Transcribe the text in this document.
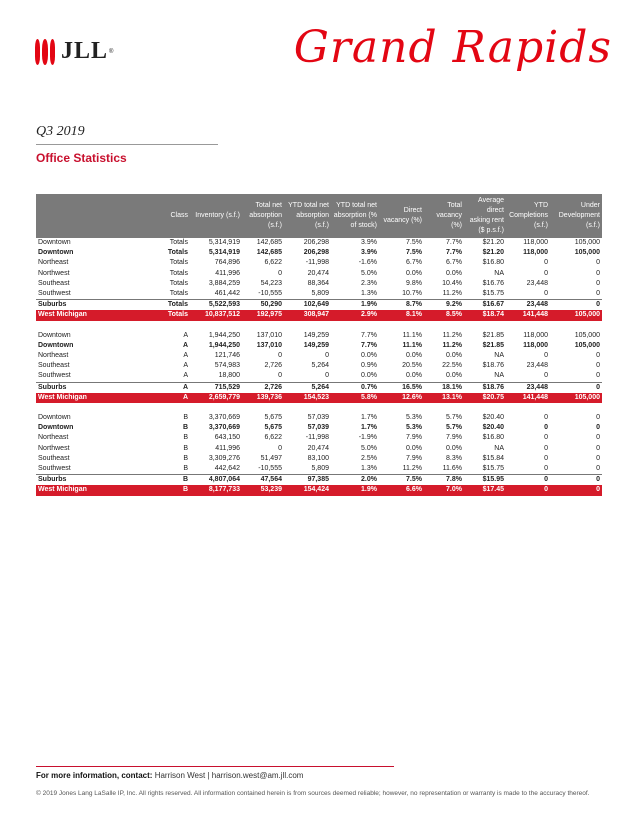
JLL ®	Grand Rapids
Q3 2019
Office Statistics
	Class	Inventory (s.f.)	Total net absorption (s.f.)	YTD total net absorption (s.f.)	YTD total net absorption (% of stock)	Direct vacancy (%)	Total vacancy (%)	Average direct asking rent ($ p.s.f.)	YTD Completions (s.f.)	Under Development (s.f.)
Downtown	Totals	5,314,919	142,685	206,298	3.9%	7.5%	7.7%	$21.20	118,000	105,000
Downtown	Totals	5,314,919	142,685	206,298	3.9%	7.5%	7.7%	$21.20	118,000	105,000
Northeast	Totals	764,896	6,622	-11,998	-1.6%	6.7%	6.7%	$16.80	0	0
Northwest	Totals	411,996	0	20,474	5.0%	0.0%	0.0%	NA	0	0
Southeast	Totals	3,884,259	54,223	88,364	2.3%	9.8%	10.4%	$16.76	23,448	0
Southwest	Totals	461,442	-10,555	5,809	1.3%	10.7%	11.2%	$15.75	0	0
Suburbs	Totals	5,522,593	50,290	102,649	1.9%	8.7%	9.2%	$16.67	23,448	0
West Michigan	Totals	10,837,512	192,975	308,947	2.9%	8.1%	8.5%	$18.74	141,448	105,000

Downtown	A	1,944,250	137,010	149,259	7.7%	11.1%	11.2%	$21.85	118,000	105,000
Downtown	A	1,944,250	137,010	149,259	7.7%	11.1%	11.2%	$21.85	118,000	105,000
Northeast	A	121,746	0	0	0.0%	0.0%	0.0%	NA	0	0
Southeast	A	574,983	2,726	5,264	0.9%	20.5%	22.5%	$18.76	23,448	0
Southwest	A	18,800	0	0	0.0%	0.0%	0.0%	NA	0	0
Suburbs	A	715,529	2,726	5,264	0.7%	16.5%	18.1%	$18.76	23,448	0
West Michigan	A	2,659,779	139,736	154,523	5.8%	12.6%	13.1%	$20.75	141,448	105,000

Downtown	B	3,370,669	5,675	57,039	1.7%	5.3%	5.7%	$20.40	0	0
Downtown	B	3,370,669	5,675	57,039	1.7%	5.3%	5.7%	$20.40	0	0
Northeast	B	643,150	6,622	-11,998	-1.9%	7.9%	7.9%	$16.80	0	0
Northwest	B	411,996	0	20,474	5.0%	0.0%	0.0%	NA	0	0
Southeast	B	3,309,276	51,497	83,100	2.5%	7.9%	8.3%	$15.84	0	0
Southwest	B	442,642	-10,555	5,809	1.3%	11.2%	11.6%	$15.75	0	0
Suburbs	B	4,807,064	47,564	97,385	2.0%	7.5%	7.8%	$15.95	0	0
West Michigan	B	8,177,733	53,239	154,424	1.9%	6.6%	7.0%	$17.45	0	0
For more information, contact: Harrison West | harrison.west@am.jll.com
© 2019 Jones Lang LaSalle IP, Inc. All rights reserved. All information contained herein is from sources deemed reliable; however, no representation or warranty is made to the accuracy thereof.
